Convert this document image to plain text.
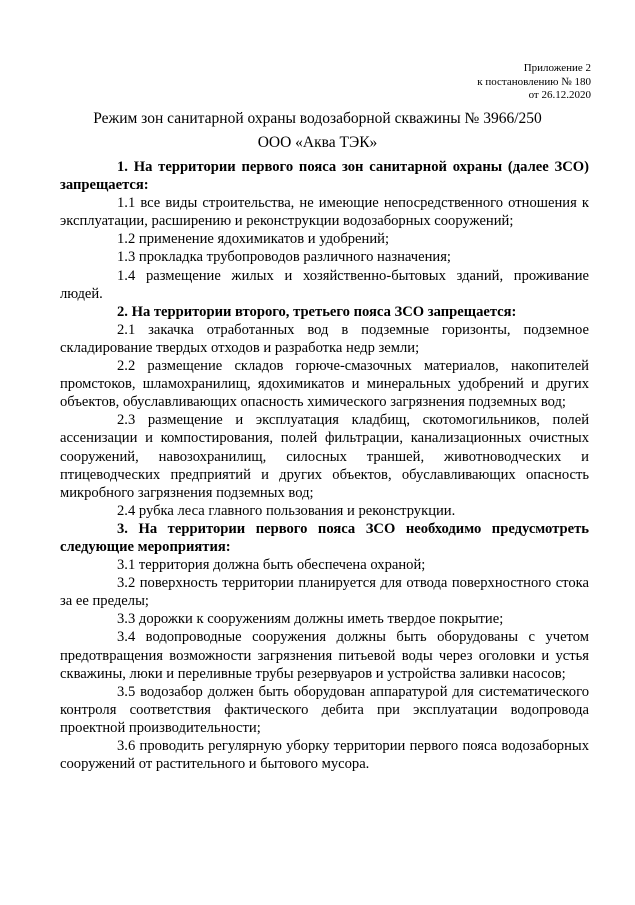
Приложение 2
к постановлению № 180
от 26.12.2020
Режим зон санитарной охраны водозаборной скважины № 3966/250
ООО «Аква ТЭК»

1. На территории первого пояса зон санитарной охраны (далее ЗСО) запрещается:

1.1 все виды строительства, не имеющие непосредственного отношения к эксплуатации, расширению и реконструкции водозаборных сооружений;

1.2 применение ядохимикатов и удобрений;

1.3 прокладка трубопроводов различного назначения;

1.4 размещение жилых и хозяйственно-бытовых зданий, проживание людей.

2. На территории второго, третьего пояса ЗСО запрещается:

2.1 закачка отработанных вод в подземные горизонты, подземное складирование твердых отходов и разработка недр земли;

2.2 размещение складов горюче-смазочных материалов, накопителей промстоков, шламохранилищ, ядохимикатов и минеральных удобрений и других объектов, обуславливающих опасность химического загрязнения подземных вод;

2.3 размещение и эксплуатация кладбищ, скотомогильников, полей ассенизации и компостирования, полей фильтрации, канализационных очистных сооружений, навозохранилищ, силосных траншей, животноводческих и птицеводческих предприятий и других объектов, обуславливающих опасность микробного загрязнения подземных вод;

2.4 рубка леса главного пользования и реконструкции.

3. На территории первого пояса ЗСО необходимо предусмотреть следующие мероприятия:

3.1 территория должна быть обеспечена охраной;

3.2 поверхность территории планируется для отвода поверхностного стока за ее пределы;

3.3 дорожки к сооружениям должны иметь твердое покрытие;

3.4 водопроводные сооружения должны быть оборудованы с учетом предотвращения возможности загрязнения питьевой воды через оголовки и устья скважины, люки и переливные трубы резервуаров и устройства заливки насосов;

3.5 водозабор должен быть оборудован аппаратурой для систематического контроля соответствия фактического дебита при эксплуатации водопровода проектной производительности;

3.6 проводить регулярную уборку территории первого пояса водозаборных сооружений от растительного и бытового мусора.
